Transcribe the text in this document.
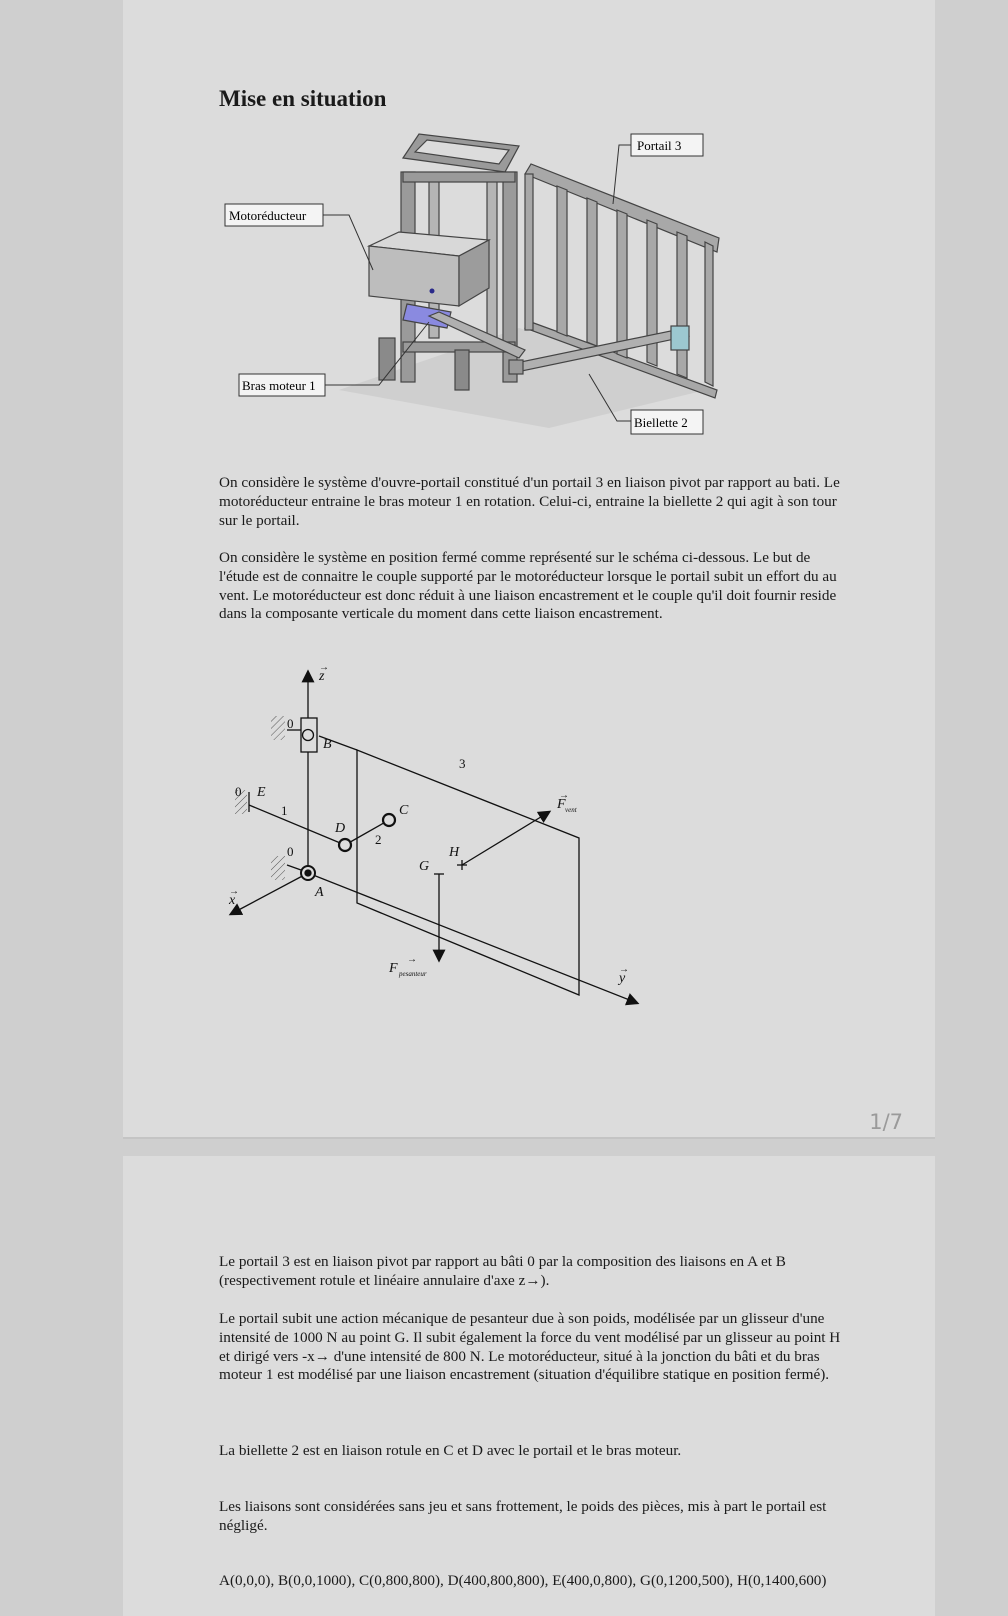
Mise en situation
Motoréducteur
Portail 3
Bras moteur 1
Biellette 2

On considère le système d'ouvre-portail constitué d'un portail 3 en liaison pivot par rapport au bati. Le motoréducteur entraine le bras moteur 1 en rotation. Celui-ci, entraine la biellette 2 qui agit à son tour sur le portail.

On considère le système en position fermé comme représenté sur le schéma ci-dessous. Le but de l'étude est de connaitre le couple supporté par le motoréducteur lorsque le portail subit un effort du au vent. Le motoréducteur est donc réduit à une liaison encastrement et le couple qu'il doit fournir reside dans la composante verticale du moment dans cette liaison encastrement.

z
→
x
→
y
→
A
B
C
D
E
G
H
F
→
vent
F
→
pesanteur
0
0
0
1
2
3
1/7

Le portail 3 est en liaison pivot par rapport au bâti 0 par la composition des liaisons en A et B (respectivement rotule et linéaire annulaire d'axe z→).

Le portail subit une action mécanique de pesanteur due à son poids, modélisée par un glisseur d'une intensité de 1000 N au point G. Il subit également la force du vent modélisé par un glisseur au point H et dirigé vers -x→ d'une intensité de 800 N. Le motoréducteur, situé à la jonction du bâti et du bras moteur 1 est modélisé par une liaison encastrement (situation d'équilibre statique en position fermé).

La biellette 2 est en liaison rotule en C et D avec le portail et le bras moteur.

Les liaisons sont considérées sans jeu et sans frottement, le poids des pièces, mis à part le portail est négligé.

A(0,0,0), B(0,0,1000), C(0,800,800), D(400,800,800), E(400,0,800), G(0,1200,500), H(0,1400,600)
